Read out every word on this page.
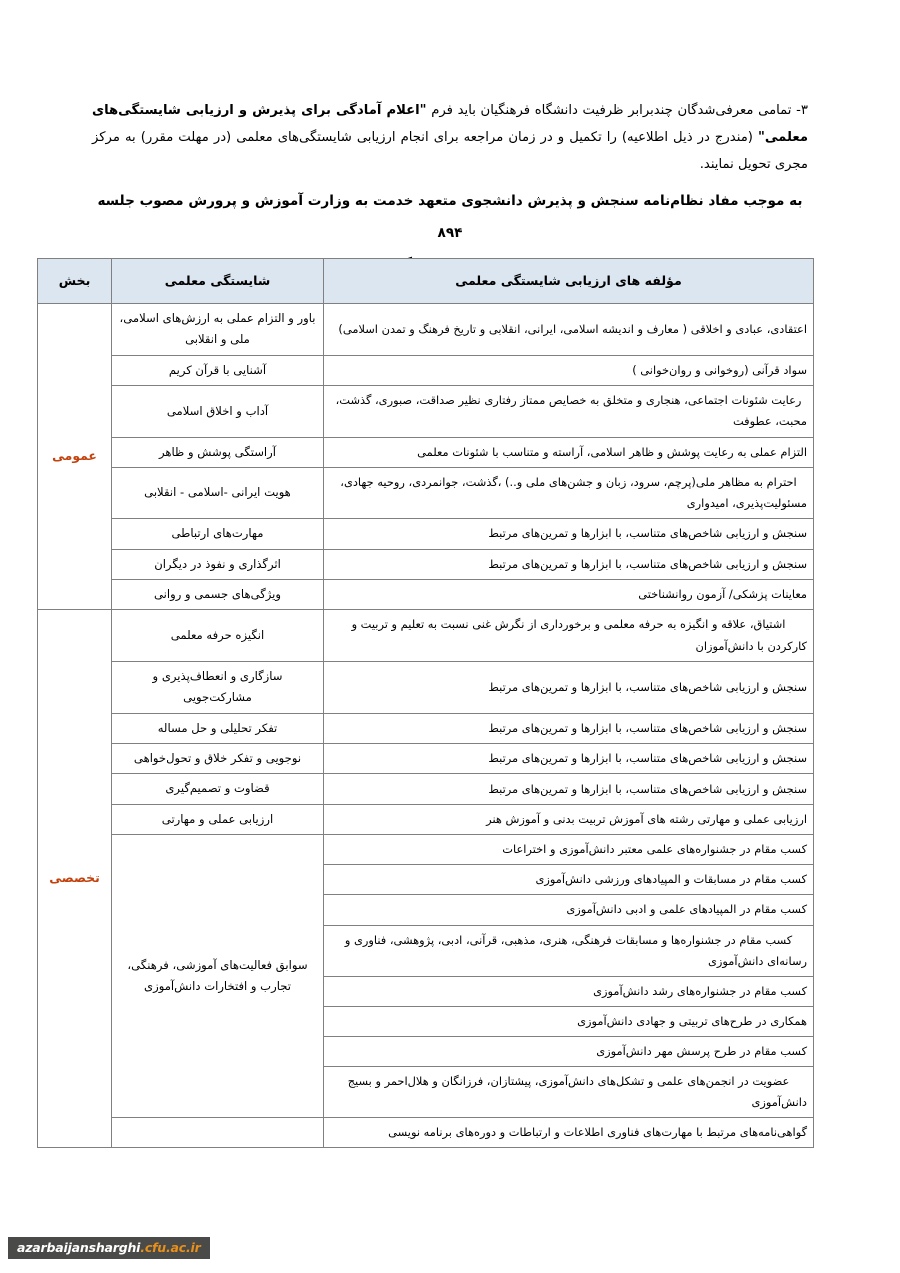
۳- تمامی معرفی‌شدگان چندبرابر ظرفیت دانشگاه فرهنگیان باید فرم "اعلام آمادگی برای پذیرش و ارزیابی شایستگی‌های معلمی" (مندرج در ذیل اطلاعیه) را تکمیل و در زمان مراجعه برای انجام ارزیابی شایستگی‌های معلمی (در مهلت مقرر) به مرکز مجری تحویل نمایند.

به موجب مفاد نظام‌نامه سنجش و پذیرش دانشجوی متعهد خدمت به وزارت آموزش و پرورش مصوب جلسه ۸۹۴
مؤلفه های ارزیابی شایستگی معلمی	شایستگی معلمی	بخش
اعتقادی، عبادی و اخلاقی ( معارف و اندیشه اسلامی، ایرانی، انقلابی و تاریخ فرهنگ و تمدن اسلامی)	باور و التزام عملی به ارزش‌های اسلامی، ملی و انقلابی	عمومی
سواد قرآنی (روخوانی و روان‌خوانی )	آشنایی با قرآن کریم	
رعایت شئونات اجتماعی، هنجاری و متخلق به خصایص ممتاز رفتاری نظیر صداقت، صبوری، گذشت، محبت، عطوفت	آداب و اخلاق اسلامی	
التزام عملی به رعایت پوشش و ظاهر اسلامی، آراسته و متناسب با شئونات معلمی	آراستگی پوشش و ظاهر	
احترام به مظاهر ملی(پرچم، سرود، زبان و جشن‌های ملی و..) ،گذشت، جوانمردی، روحیه جهادی، مسئولیت‌پذیری، امیدواری	هویت ایرانی -اسلامی - انقلابی	
سنجش و ارزیابی شاخص‌های متناسب، با ابزارها و تمرین‌های مرتبط	مهارت‌های ارتباطی	
سنجش و ارزیابی شاخص‌های متناسب، با ابزارها و تمرین‌های مرتبط	اثرگذاری و نفوذ در دیگران	
معاینات پزشکی/ آزمون روانشناختی	ویژگی‌های جسمی و روانی	
اشتیاق، علاقه و انگیزه به حرفه معلمی و برخورداری از نگرش غنی نسبت به تعلیم و تربیت و کارکردن با دانش‌آموزان	انگیزه حرفه معلمی	تخصصی
سنجش و ارزیابی شاخص‌های متناسب، با ابزارها و تمرین‌های مرتبط	سازگاری و انعطاف‌پذیری و مشارکت‌جویی	
سنجش و ارزیابی شاخص‌های متناسب، با ابزارها و تمرین‌های مرتبط	تفکر تحلیلی و حل مساله	
سنجش و ارزیابی شاخص‌های متناسب، با ابزارها و تمرین‌های مرتبط	نوجویی و تفکر خلاق و تحول‌خواهی	
سنجش و ارزیابی شاخص‌های متناسب، با ابزارها و تمرین‌های مرتبط	قضاوت و تصمیم‌گیری	
ارزیابی عملی و مهارتی رشته های آموزش تربیت بدنی و آموزش هنر	ارزیابی عملی و مهارتی	
کسب مقام در جشنواره‌های علمی معتبر دانش‌آموزی و اختراعات	سوابق فعالیت‌های آموزشی، فرهنگی، تجارب و افتخارات دانش‌آموزی	
کسب مقام در مسابقات و المپیادهای ورزشی دانش‌آموزی		
کسب مقام در المپیادهای علمی و ادبی دانش‌آموزی		
کسب مقام در جشنواره‌ها و مسابقات فرهنگی، هنری، مذهبی، قرآنی، ادبی، پژوهشی، فناوری و رسانه‌ای دانش‌آموزی		
کسب مقام در جشنواره‌های رشد دانش‌آموزی		
همکاری در طرح‌های تربیتی و جهادی دانش‌آموزی		
کسب مقام در طرح پرسش مهر دانش‌آموزی		
عضویت در انجمن‌های علمی و تشکل‌های دانش‌آموزی، پیشتازان، فرزانگان و هلال‌احمر و بسیج دانش‌آموزی		
گواهی‌نامه‌های مرتبط با مهارت‌های فناوری اطلاعات و ارتباطات و دوره‌های برنامه نویسی		
azarbaijansharghi.cfu.ac.ir
